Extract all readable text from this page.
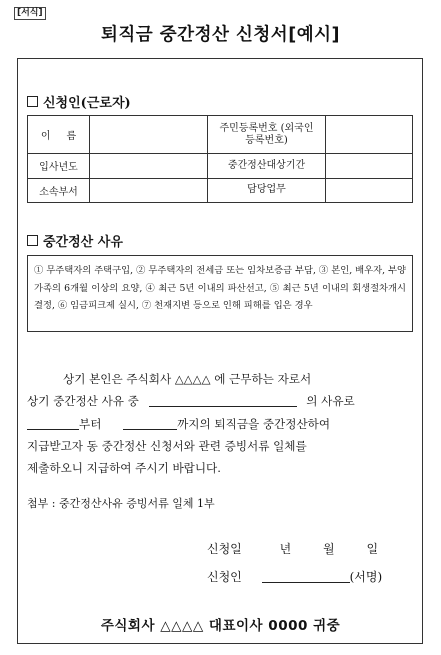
[서식]
퇴직금 중간정산 신청서[예시]
신청인(근로자)
이     름		주민등록번호 (외국인등록번호)	
입사년도		중간정산대상기간	
소속부서		담당업무	
중간정산 사유

① 무주택자의 주택구입, ② 무주택자의 전세금 또는 임차보증금 부담, ③ 본인, 배우자, 부양가족의 6개월 이상의 요양, ④ 최근 5년 이내의 파산선고, ⑤ 최근 5년 이내의 회생절차개시결정, ⑥ 임금피크제 실시, ⑦ 천재지변 등으로 인해 피해를 입은 경우

상기 본인은 주식회사 △△△△ 에 근무하는 자로서
상기 중간정산 사유 중	의 사유로
부터	까지의 퇴직금을 중간정산하여
지급받고자 동 중간정산 신청서와 관련 증빙서류 일체를
제출하오니 지급하여 주시기 바랍니다.
첨부 : 중간정산사유 증빙서류 일체 1부
신청일	년	월	일
신청인	(서명)
주식회사 △△△△ 대표이사 0000 귀중
